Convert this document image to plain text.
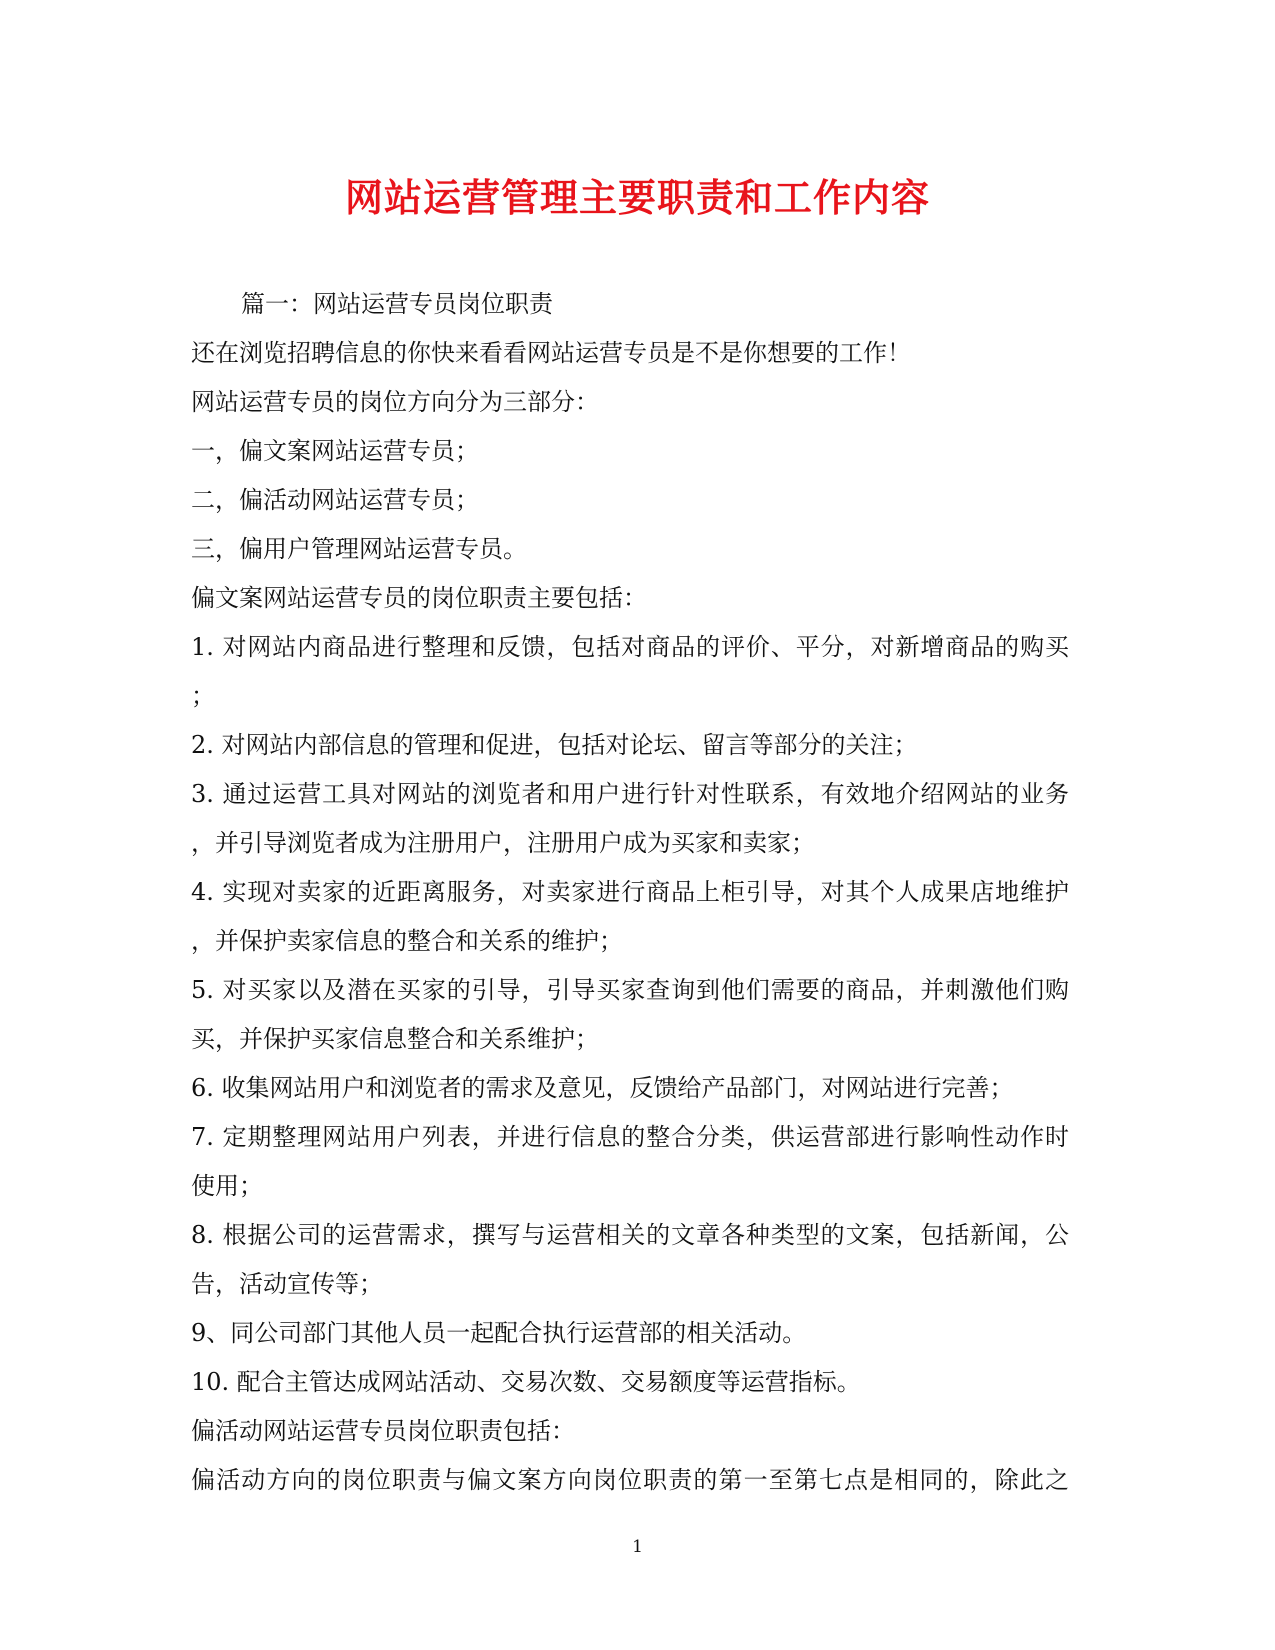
网站运营管理主要职责和工作内容
篇一：网站运营专员岗位职责
还在浏览招聘信息的你快来看看网站运营专员是不是你想要的工作！
网站运营专员的岗位方向分为三部分：
一，偏文案网站运营专员；
二，偏活动网站运营专员；
三，偏用户管理网站运营专员。
偏文案网站运营专员的岗位职责主要包括：
1. 对网站内商品进行整理和反馈，包括对商品的评价、平分，对新增商品的购买
；
2. 对网站内部信息的管理和促进，包括对论坛、留言等部分的关注；
3. 通过运营工具对网站的浏览者和用户进行针对性联系，有效地介绍网站的业务
，并引导浏览者成为注册用户，注册用户成为买家和卖家；
4. 实现对卖家的近距离服务，对卖家进行商品上柜引导，对其个人成果店地维护
，并保护卖家信息的整合和关系的维护；
5. 对买家以及潜在买家的引导，引导买家查询到他们需要的商品，并刺激他们购
买，并保护买家信息整合和关系维护；
6. 收集网站用户和浏览者的需求及意见，反馈给产品部门，对网站进行完善；
7. 定期整理网站用户列表，并进行信息的整合分类，供运营部进行影响性动作时
使用；
8. 根据公司的运营需求，撰写与运营相关的文章各种类型的文案，包括新闻，公
告，活动宣传等；
9、同公司部门其他人员一起配合执行运营部的相关活动。
10. 配合主管达成网站活动、交易次数、交易额度等运营指标。
偏活动网站运营专员岗位职责包括：
偏活动方向的岗位职责与偏文案方向岗位职责的第一至第七点是相同的，除此之
1
